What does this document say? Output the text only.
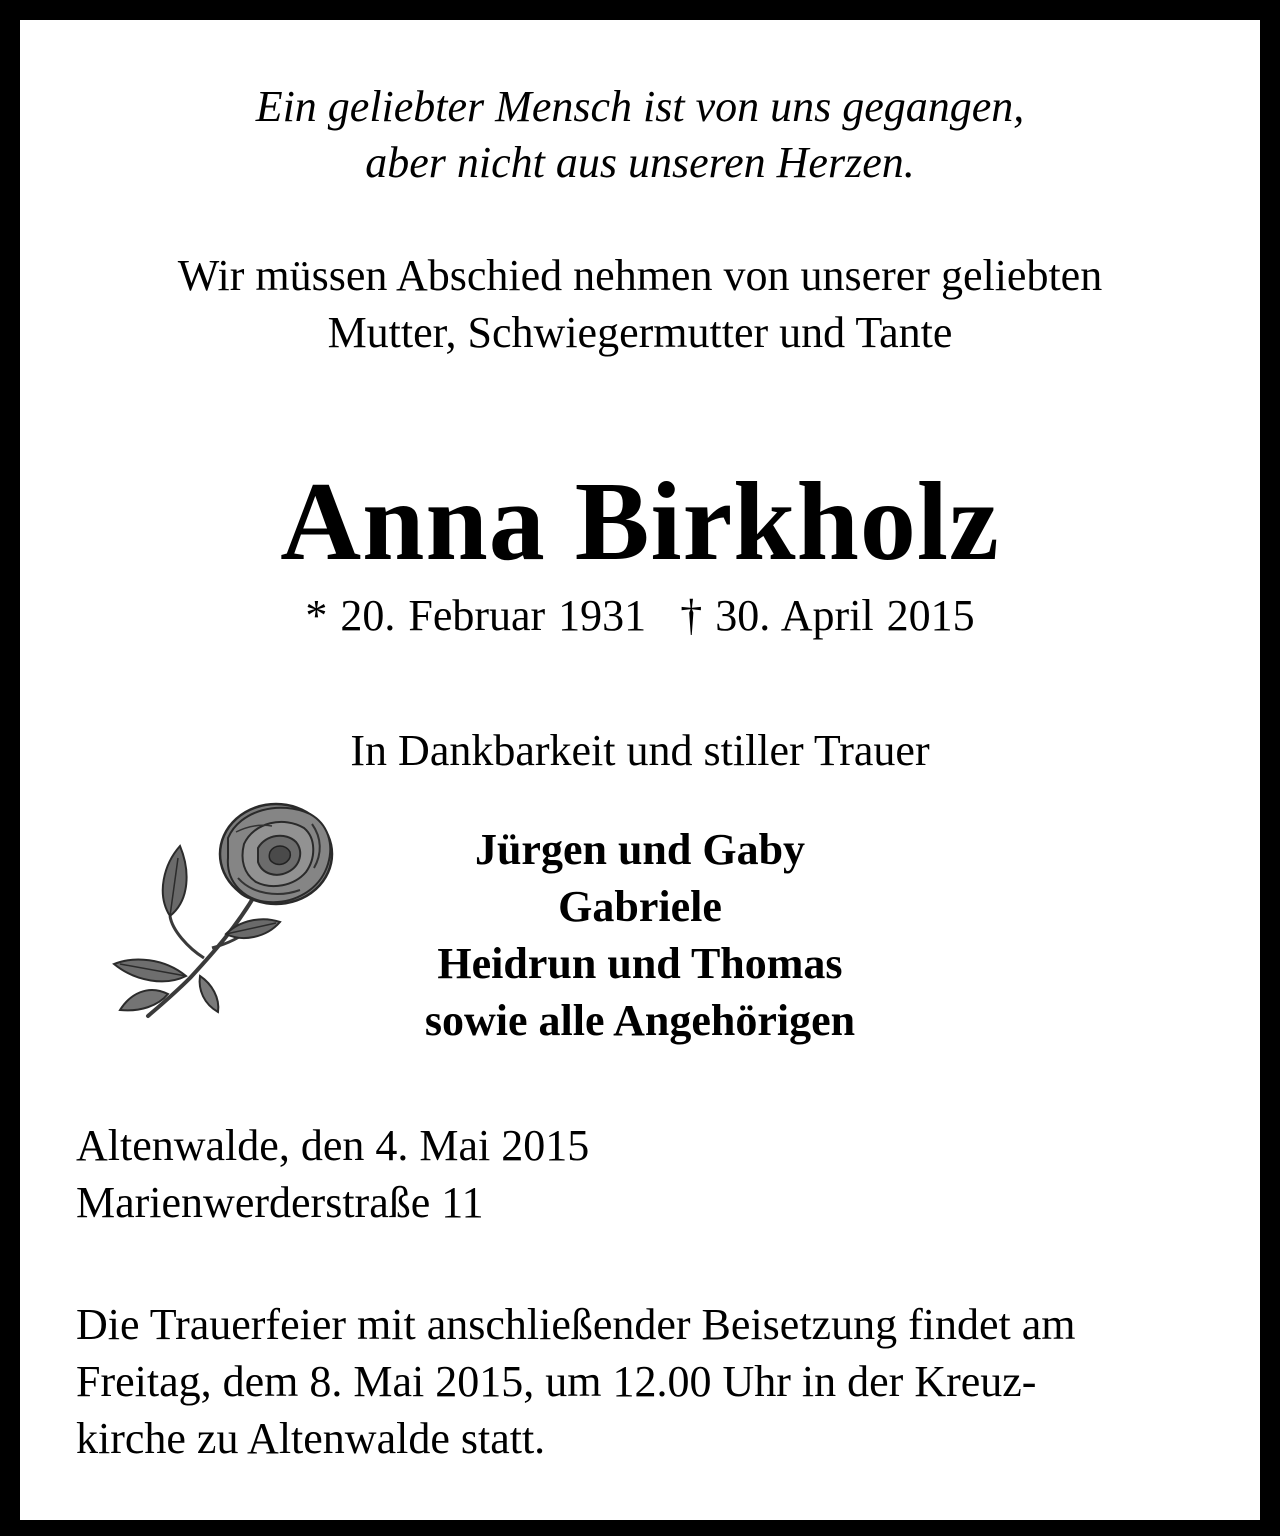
Ein geliebter Mensch ist von uns gegangen,
aber nicht aus unseren Herzen.
Wir müssen Abschied nehmen von unserer geliebten
Mutter, Schwiegermutter und Tante
Anna Birkholz
* 20. Februar 1931 † 30. April 2015
In Dankbarkeit und stiller Trauer
Jürgen und Gaby
Gabriele
Heidrun und Thomas
sowie alle Angehörigen
Altenwalde, den 4. Mai 2015
Marienwerderstraße 11
Die Trauerfeier mit anschließender Beisetzung findet am
Freitag, dem 8. Mai 2015, um 12.00 Uhr in der Kreuz-
kirche zu Altenwalde statt.
